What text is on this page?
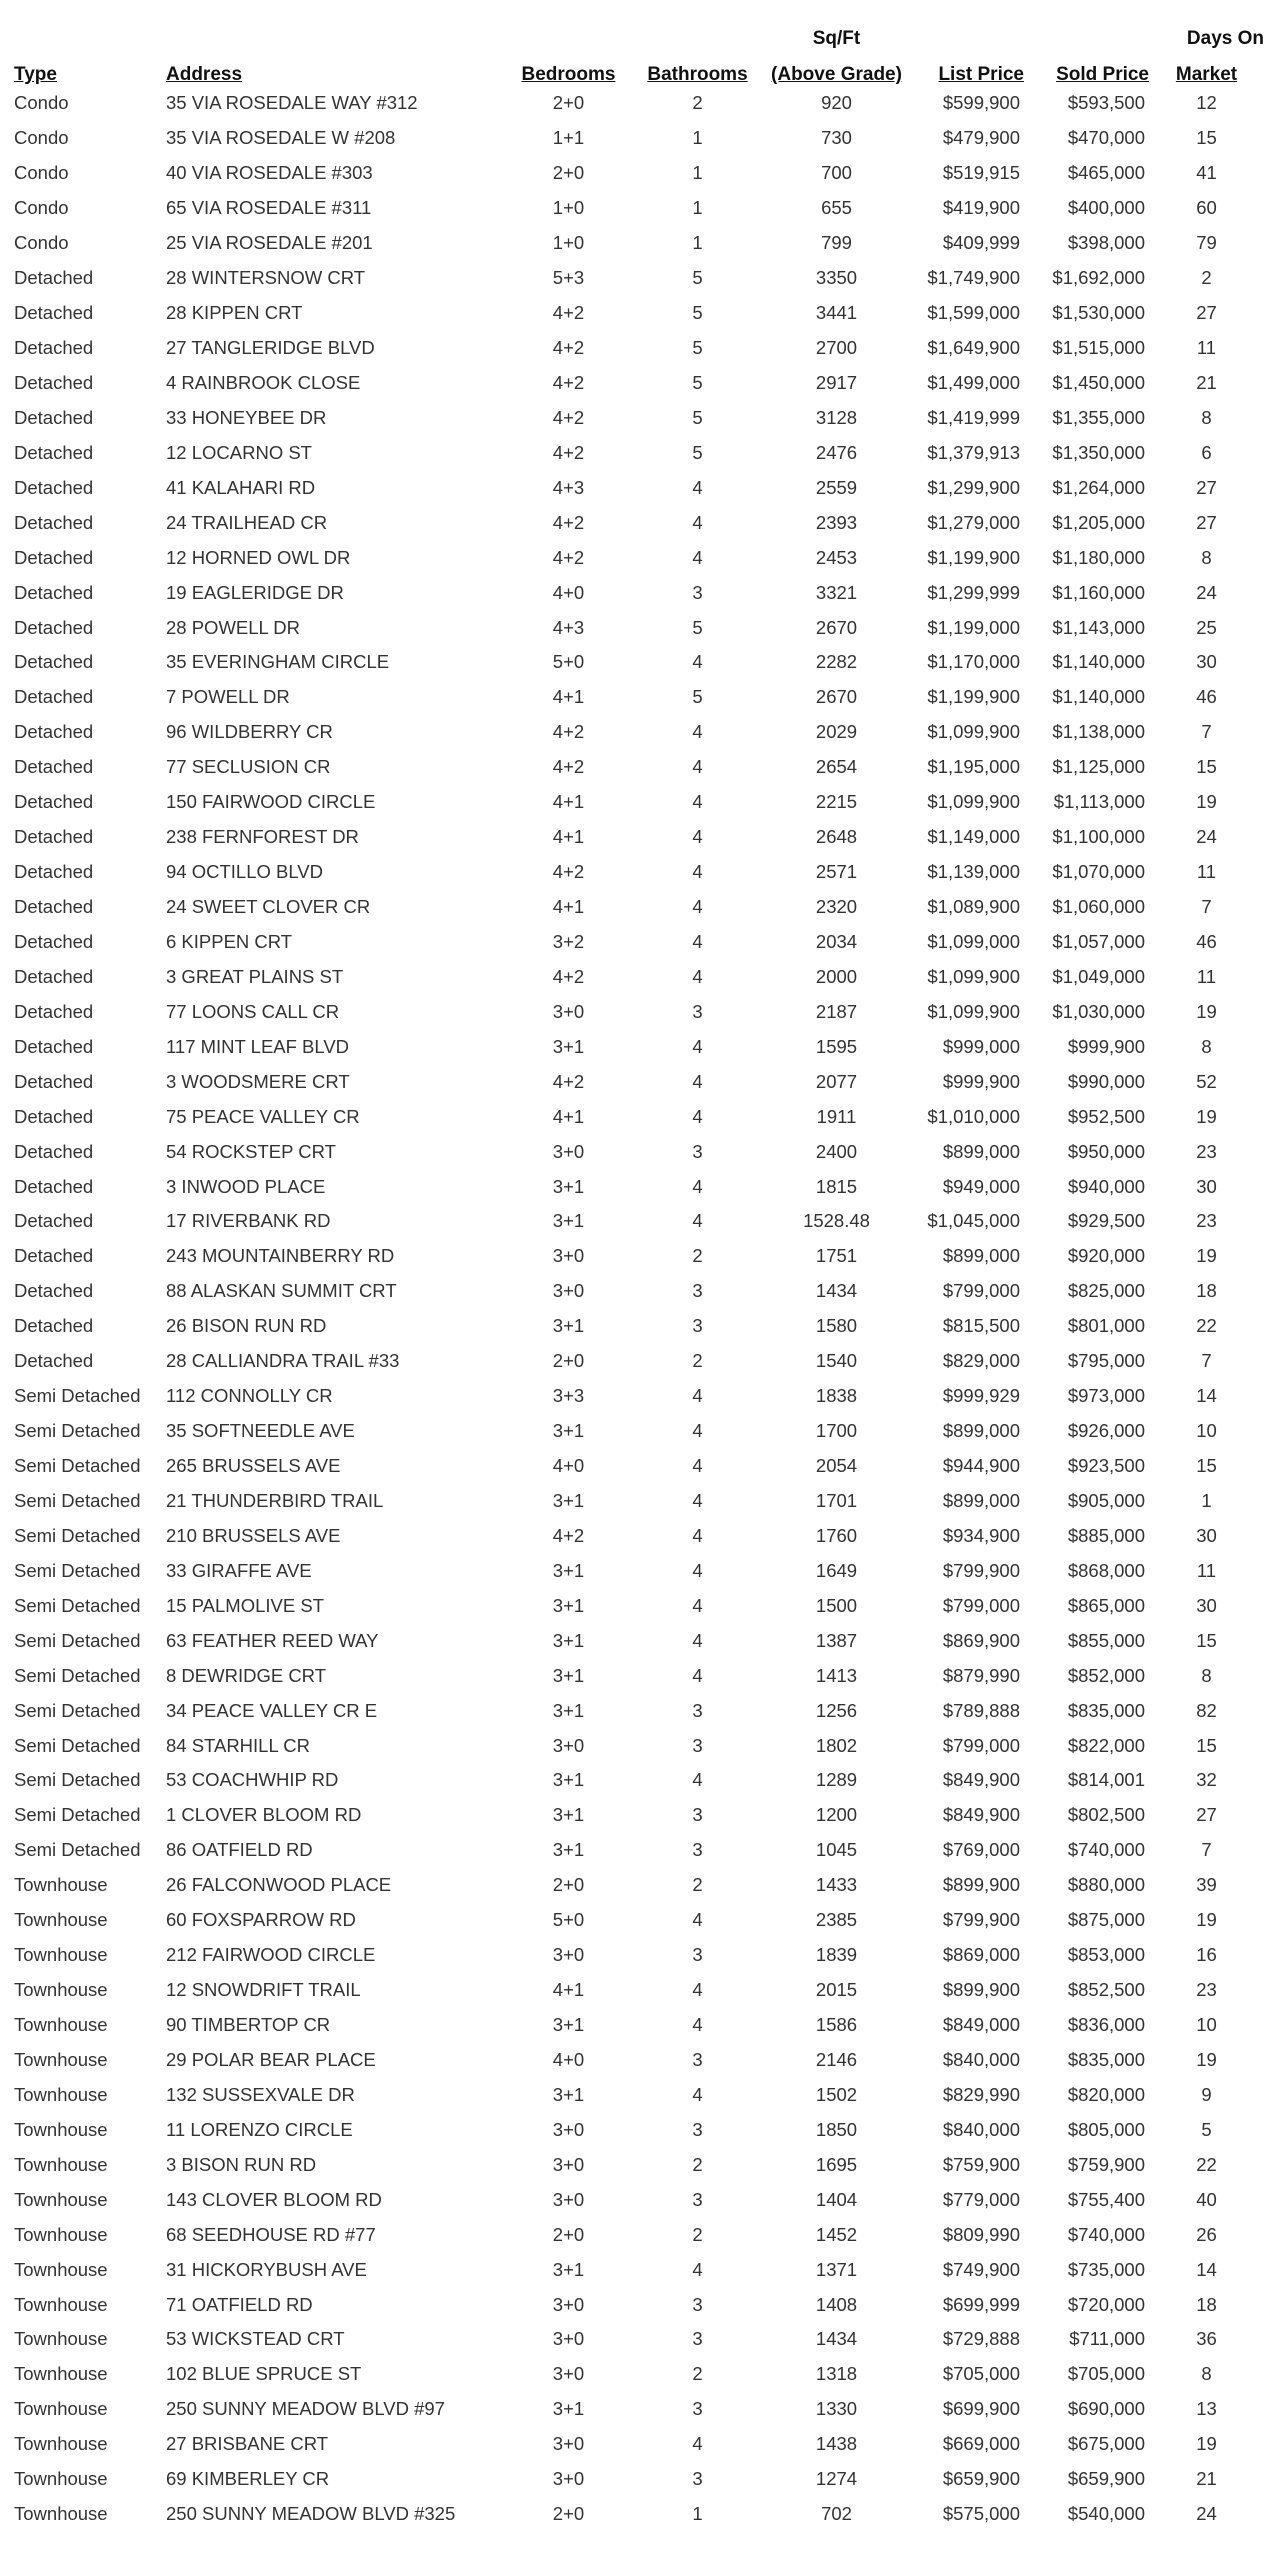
				Sq/Ft			Days On
Type	Address	Bedrooms	Bathrooms	(Above Grade)	List Price	Sold Price	Market
Condo	35 VIA ROSEDALE WAY #312	2+0	2	920	$599,900	$593,500	12
Condo	35 VIA ROSEDALE W #208	1+1	1	730	$479,900	$470,000	15
Condo	40 VIA ROSEDALE #303	2+0	1	700	$519,915	$465,000	41
Condo	65 VIA ROSEDALE #311	1+0	1	655	$419,900	$400,000	60
Condo	25 VIA ROSEDALE #201	1+0	1	799	$409,999	$398,000	79
Detached	28 WINTERSNOW CRT	5+3	5	3350	$1,749,900	$1,692,000	2
Detached	28 KIPPEN CRT	4+2	5	3441	$1,599,000	$1,530,000	27
Detached	27 TANGLERIDGE BLVD	4+2	5	2700	$1,649,900	$1,515,000	11
Detached	4 RAINBROOK CLOSE	4+2	5	2917	$1,499,000	$1,450,000	21
Detached	33 HONEYBEE DR	4+2	5	3128	$1,419,999	$1,355,000	8
Detached	12 LOCARNO ST	4+2	5	2476	$1,379,913	$1,350,000	6
Detached	41 KALAHARI RD	4+3	4	2559	$1,299,900	$1,264,000	27
Detached	24 TRAILHEAD CR	4+2	4	2393	$1,279,000	$1,205,000	27
Detached	12 HORNED OWL DR	4+2	4	2453	$1,199,900	$1,180,000	8
Detached	19 EAGLERIDGE DR	4+0	3	3321	$1,299,999	$1,160,000	24
Detached	28 POWELL DR	4+3	5	2670	$1,199,000	$1,143,000	25
Detached	35 EVERINGHAM CIRCLE	5+0	4	2282	$1,170,000	$1,140,000	30
Detached	7 POWELL DR	4+1	5	2670	$1,199,900	$1,140,000	46
Detached	96 WILDBERRY CR	4+2	4	2029	$1,099,900	$1,138,000	7
Detached	77 SECLUSION CR	4+2	4	2654	$1,195,000	$1,125,000	15
Detached	150 FAIRWOOD CIRCLE	4+1	4	2215	$1,099,900	$1,113,000	19
Detached	238 FERNFOREST DR	4+1	4	2648	$1,149,000	$1,100,000	24
Detached	94 OCTILLO BLVD	4+2	4	2571	$1,139,000	$1,070,000	11
Detached	24 SWEET CLOVER CR	4+1	4	2320	$1,089,900	$1,060,000	7
Detached	6 KIPPEN CRT	3+2	4	2034	$1,099,000	$1,057,000	46
Detached	3 GREAT PLAINS ST	4+2	4	2000	$1,099,900	$1,049,000	11
Detached	77 LOONS CALL CR	3+0	3	2187	$1,099,900	$1,030,000	19
Detached	117 MINT LEAF BLVD	3+1	4	1595	$999,000	$999,900	8
Detached	3 WOODSMERE CRT	4+2	4	2077	$999,900	$990,000	52
Detached	75 PEACE VALLEY CR	4+1	4	1911	$1,010,000	$952,500	19
Detached	54 ROCKSTEP CRT	3+0	3	2400	$899,000	$950,000	23
Detached	3 INWOOD PLACE	3+1	4	1815	$949,000	$940,000	30
Detached	17 RIVERBANK RD	3+1	4	1528.48	$1,045,000	$929,500	23
Detached	243 MOUNTAINBERRY RD	3+0	2	1751	$899,000	$920,000	19
Detached	88 ALASKAN SUMMIT CRT	3+0	3	1434	$799,000	$825,000	18
Detached	26 BISON RUN RD	3+1	3	1580	$815,500	$801,000	22
Detached	28 CALLIANDRA TRAIL #33	2+0	2	1540	$829,000	$795,000	7
Semi Detached	112 CONNOLLY CR	3+3	4	1838	$999,929	$973,000	14
Semi Detached	35 SOFTNEEDLE AVE	3+1	4	1700	$899,000	$926,000	10
Semi Detached	265 BRUSSELS AVE	4+0	4	2054	$944,900	$923,500	15
Semi Detached	21 THUNDERBIRD TRAIL	3+1	4	1701	$899,000	$905,000	1
Semi Detached	210 BRUSSELS AVE	4+2	4	1760	$934,900	$885,000	30
Semi Detached	33 GIRAFFE AVE	3+1	4	1649	$799,900	$868,000	11
Semi Detached	15 PALMOLIVE ST	3+1	4	1500	$799,000	$865,000	30
Semi Detached	63 FEATHER REED WAY	3+1	4	1387	$869,900	$855,000	15
Semi Detached	8 DEWRIDGE CRT	3+1	4	1413	$879,990	$852,000	8
Semi Detached	34 PEACE VALLEY CR E	3+1	3	1256	$789,888	$835,000	82
Semi Detached	84 STARHILL CR	3+0	3	1802	$799,000	$822,000	15
Semi Detached	53 COACHWHIP RD	3+1	4	1289	$849,900	$814,001	32
Semi Detached	1 CLOVER BLOOM RD	3+1	3	1200	$849,900	$802,500	27
Semi Detached	86 OATFIELD RD	3+1	3	1045	$769,000	$740,000	7
Townhouse	26 FALCONWOOD PLACE	2+0	2	1433	$899,900	$880,000	39
Townhouse	60 FOXSPARROW RD	5+0	4	2385	$799,900	$875,000	19
Townhouse	212 FAIRWOOD CIRCLE	3+0	3	1839	$869,000	$853,000	16
Townhouse	12 SNOWDRIFT TRAIL	4+1	4	2015	$899,900	$852,500	23
Townhouse	90 TIMBERTOP CR	3+1	4	1586	$849,000	$836,000	10
Townhouse	29 POLAR BEAR PLACE	4+0	3	2146	$840,000	$835,000	19
Townhouse	132 SUSSEXVALE DR	3+1	4	1502	$829,990	$820,000	9
Townhouse	11 LORENZO CIRCLE	3+0	3	1850	$840,000	$805,000	5
Townhouse	3 BISON RUN RD	3+0	2	1695	$759,900	$759,900	22
Townhouse	143 CLOVER BLOOM RD	3+0	3	1404	$779,000	$755,400	40
Townhouse	68 SEEDHOUSE RD #77	2+0	2	1452	$809,990	$740,000	26
Townhouse	31 HICKORYBUSH AVE	3+1	4	1371	$749,900	$735,000	14
Townhouse	71 OATFIELD RD	3+0	3	1408	$699,999	$720,000	18
Townhouse	53 WICKSTEAD CRT	3+0	3	1434	$729,888	$711,000	36
Townhouse	102 BLUE SPRUCE ST	3+0	2	1318	$705,000	$705,000	8
Townhouse	250 SUNNY MEADOW BLVD #97	3+1	3	1330	$699,900	$690,000	13
Townhouse	27 BRISBANE CRT	3+0	4	1438	$669,000	$675,000	19
Townhouse	69 KIMBERLEY CR	3+0	3	1274	$659,900	$659,900	21
Townhouse	250 SUNNY MEADOW BLVD #325	2+0	1	702	$575,000	$540,000	24
